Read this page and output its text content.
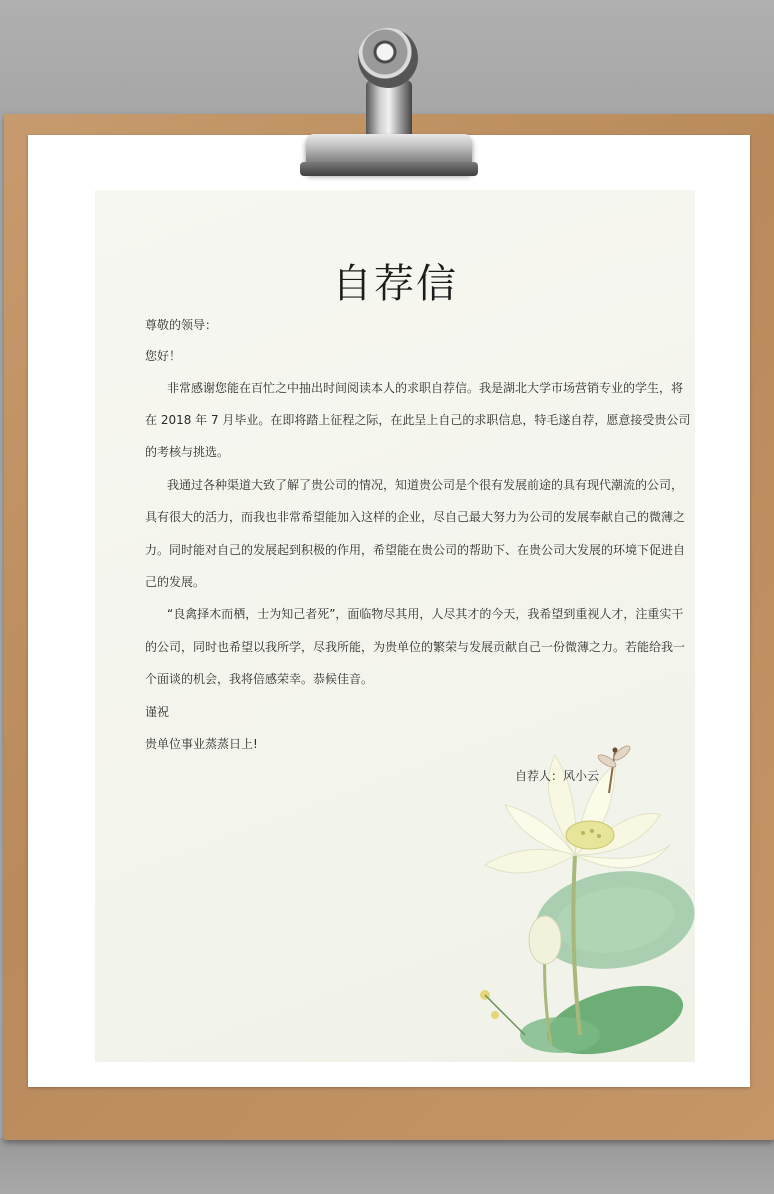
自荐信
尊敬的领导：
您好！
非常感谢您能在百忙之中抽出时间阅读本人的求职自荐信。我是湖北大学市场营销专业的学生，将
在 2018 年 7 月毕业。在即将踏上征程之际，在此呈上自己的求职信息，特毛遂自荐，愿意接受贵公司
的考核与挑选。
我通过各种渠道大致了解了贵公司的情况，知道贵公司是个很有发展前途的具有现代潮流的公司，
具有很大的活力，而我也非常希望能加入这样的企业，尽自己最大努力为公司的发展奉献自己的微薄之
力。同时能对自己的发展起到积极的作用，希望能在贵公司的帮助下、在贵公司大发展的环境下促进自
己的发展。
“良禽择木而栖，士为知己者死”，面临物尽其用，人尽其才的今天，我希望到重视人才，注重实干
的公司，同时也希望以我所学，尽我所能，为贵单位的繁荣与发展贡献自己一份微薄之力。若能给我一
个面谈的机会，我将倍感荣幸。恭候佳音。
谨祝
贵单位事业蒸蒸日上!
自荐人：风小云
